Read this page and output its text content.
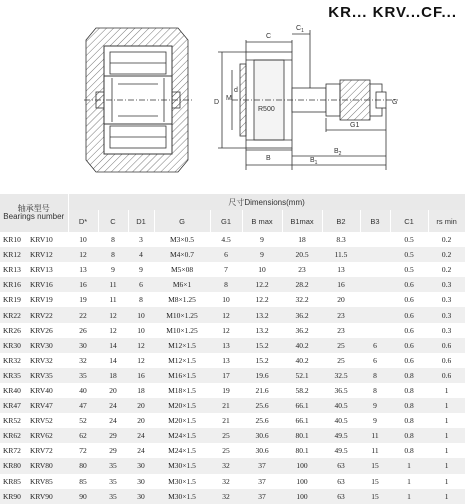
C
$C_1$
D
M
d
R500
G
G1
B
$B_2$
$B_1$
KR... KRV...CF...
轴承型号
Bearings number		尺寸Dimensions(mm)										
		D*	C	D1	G	G1	B max	B1max	B2	B3	C1	rs min
KR10	KRV10	10	8	3	M3×0.5	4.5	9	18	8.3		0.5	0.2
KR12	KRV12	12	8	4	M4×0.7	6	9	20.5	11.5		0.5	0.2
KR13	KRV13	13	9	9	M5×08	7	10	23	13		0.5	0.2
KR16	KRV16	16	11	6	M6×1	8	12.2	28.2	16		0.6	0.3
KR19	KRV19	19	11	8	M8×1.25	10	12.2	32.2	20		0.6	0.3
KR22	KRV22	22	12	10	M10×1.25	12	13.2	36.2	23		0.6	0.3
KR26	KRV26	26	12	10	M10×1.25	12	13.2	36.2	23		0.6	0.3
KR30	KRV30	30	14	12	M12×1.5	13	15.2	40.2	25	6	0.6	0.6
KR32	KRV32	32	14	12	M12×1.5	13	15.2	40.2	25	6	0.6	0.6
KR35	KRV35	35	18	16	M16×1.5	17	19.6	52.1	32.5	8	0.8	0.6
KR40	KRV40	40	20	18	M18×1.5	19	21.6	58.2	36.5	8	0.8	1
KR47	KRV47	47	24	20	M20×1.5	21	25.6	66.1	40.5	9	0.8	1
KR52	KRV52	52	24	20	M20×1.5	21	25.6	66.1	40.5	9	0.8	1
KR62	KRV62	62	29	24	M24×1.5	25	30.6	80.1	49.5	11	0.8	1
KR72	KRV72	72	29	24	M24×1.5	25	30.6	80.1	49.5	11	0.8	1
KR80	KRV80	80	35	30	M30×1.5	32	37	100	63	15	1	1
KR85	KRV85	85	35	30	M30×1.5	32	37	100	63	15	1	1
KR90	KRV90	90	35	30	M30×1.5	32	37	100	63	15	1	1
